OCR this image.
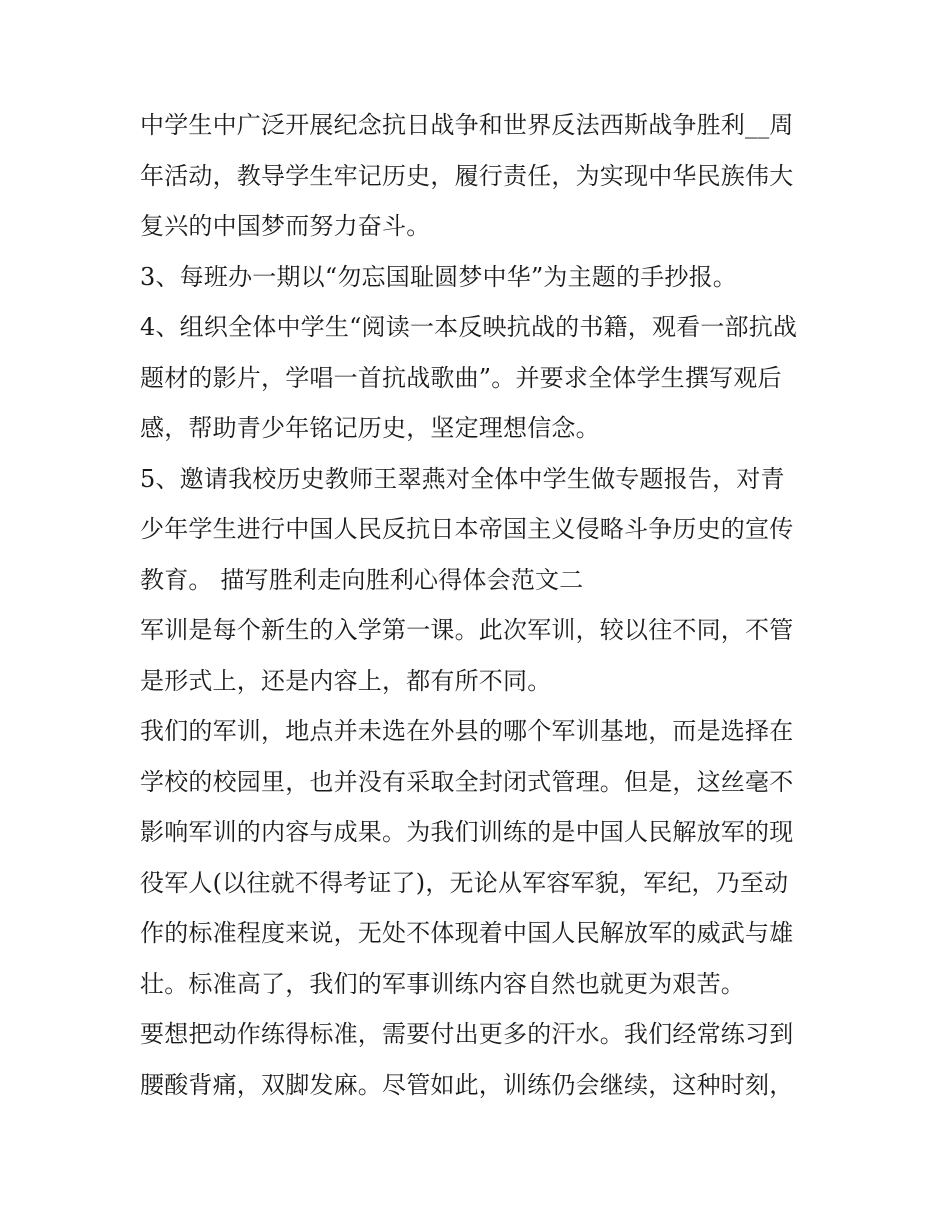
中学生中广泛开展纪念抗日战争和世界反法西斯战争胜利__周
年活动，教导学生牢记历史，履行责任，为实现中华民族伟大
复兴的中国梦而努力奋斗。
3、每班办一期以“勿忘国耻圆梦中华”为主题的手抄报。
4、组织全体中学生“阅读一本反映抗战的书籍，观看一部抗战
题材的影片，学唱一首抗战歌曲”。并要求全体学生撰写观后
感，帮助青少年铭记历史，坚定理想信念。
5、邀请我校历史教师王翠燕对全体中学生做专题报告，对青
少年学生进行中国人民反抗日本帝国主义侵略斗争历史的宣传
教育。 描写胜利走向胜利心得体会范文二
军训是每个新生的入学第一课。此次军训，较以往不同，不管
是形式上，还是内容上，都有所不同。
我们的军训，地点并未选在外县的哪个军训基地，而是选择在
学校的校园里，也并没有采取全封闭式管理。但是，这丝毫不
影响军训的内容与成果。为我们训练的是中国人民解放军的现
役军人(以往就不得考证了)，无论从军容军貌，军纪，乃至动
作的标准程度来说，无处不体现着中国人民解放军的威武与雄
壮。标准高了，我们的军事训练内容自然也就更为艰苦。
要想把动作练得标准，需要付出更多的汗水。我们经常练习到
腰酸背痛，双脚发麻。尽管如此，训练仍会继续，这种时刻，
